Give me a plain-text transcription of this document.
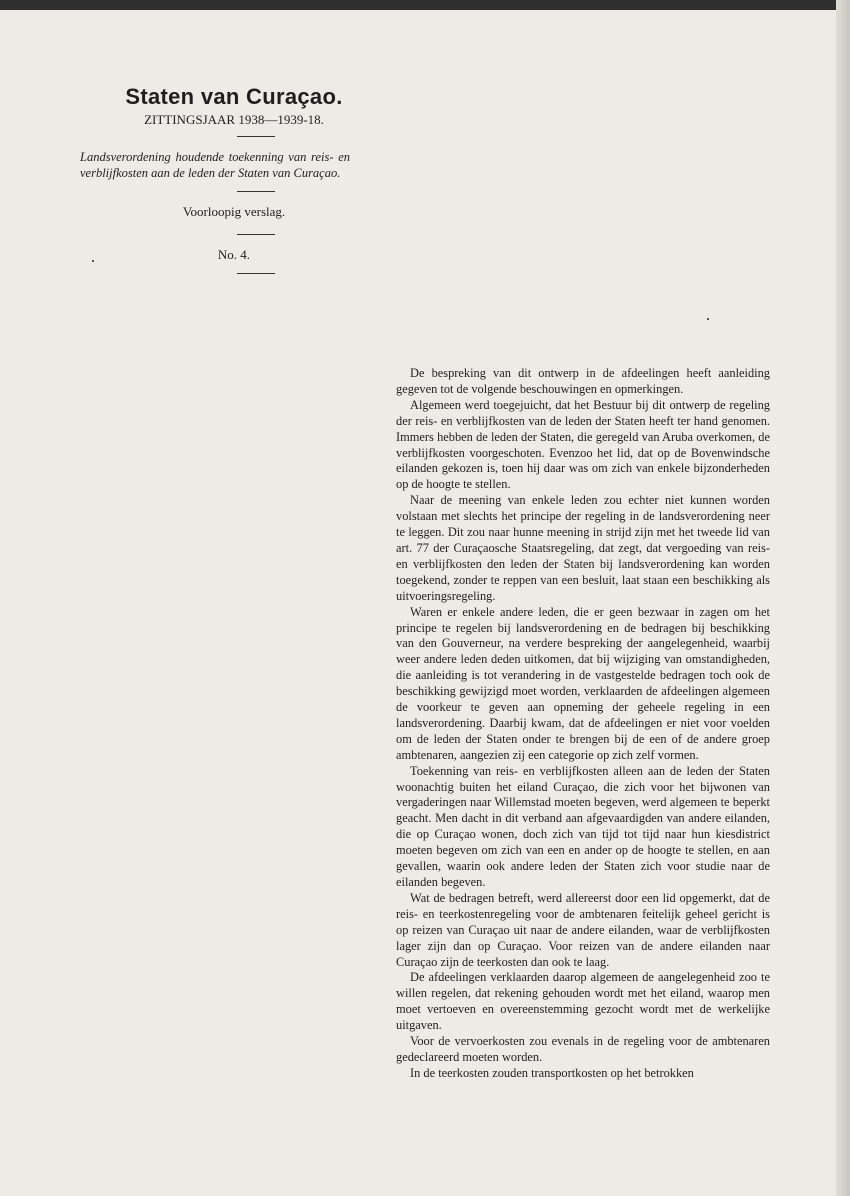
Staten van Curaçao.
ZITTINGSJAAR 1938—1939-18.
Landsverordening houdende toekenning van reis- en verblijfkosten aan de leden der Staten van Curaçao.
Voorloopig verslag.
No. 4.

De bespreking van dit ontwerp in de afdeelingen heeft aanleiding gegeven tot de volgende beschouwingen en opmerkingen.

Algemeen werd toegejuicht, dat het Bestuur bij dit ontwerp de regeling der reis- en verblijfkosten van de leden der Staten heeft ter hand genomen. Immers hebben de leden der Staten, die geregeld van Aruba overkomen, de verblijfkosten voorgeschoten. Evenzoo het lid, dat op de Bovenwindsche eilanden gekozen is, toen hij daar was om zich van enkele bijzonderheden op de hoogte te stellen.

Naar de meening van enkele leden zou echter niet kunnen worden volstaan met slechts het principe der regeling in de landsverordening neer te leggen. Dit zou naar hunne meening in strijd zijn met het tweede lid van art. 77 der Curaçaosche Staatsregeling, dat zegt, dat vergoeding van reis- en verblijfkosten den leden der Staten bij landsverordening kan worden toegekend, zonder te reppen van een besluit, laat staan een beschikking als uitvoeringsregeling.

Waren er enkele andere leden, die er geen bezwaar in zagen om het principe te regelen bij landsverordening en de bedragen bij beschikking van den Gouverneur, na verdere bespreking der aangelegenheid, waarbij weer andere leden deden uitkomen, dat bij wijziging van omstandigheden, die aanleiding is tot verandering in de vastgestelde bedragen toch ook de beschikking gewijzigd moet worden, verklaarden de afdeelingen algemeen de voorkeur te geven aan opneming der geheele regeling in een landsverordening. Daarbij kwam, dat de afdeelingen er niet voor voelden om de leden der Staten onder te brengen bij de een of de andere groep ambtenaren, aangezien zij een categorie op zich zelf vormen.

Toekenning van reis- en verblijfkosten alleen aan de leden der Staten woonachtig buiten het eiland Curaçao, die zich voor het bijwonen van vergaderingen naar Willemstad moeten begeven, werd algemeen te beperkt geacht. Men dacht in dit verband aan afgevaardigden van andere eilanden, die op Curaçao wonen, doch zich van tijd tot tijd naar hun kiesdistrict moeten begeven om zich van een en ander op de hoogte te stellen, en aan gevallen, waarin ook andere leden der Staten zich voor studie naar de eilanden begeven.

Wat de bedragen betreft, werd allereerst door een lid opgemerkt, dat de reis- en teerkostenregeling voor de ambtenaren feitelijk geheel gericht is op reizen van Curaçao uit naar de andere eilanden, waar de verblijfkosten lager zijn dan op Curaçao. Voor reizen van de andere eilanden naar Curaçao zijn de teerkosten dan ook te laag.

De afdeelingen verklaarden daarop algemeen de aangelegenheid zoo te willen regelen, dat rekening gehouden wordt met het eiland, waarop men moet vertoeven en overeenstemming gezocht wordt met de werkelijke uitgaven.

Voor de vervoerkosten zou evenals in de regeling voor de ambtenaren gedeclareerd moeten worden.

In de teerkosten zouden transportkosten op het betrokken
